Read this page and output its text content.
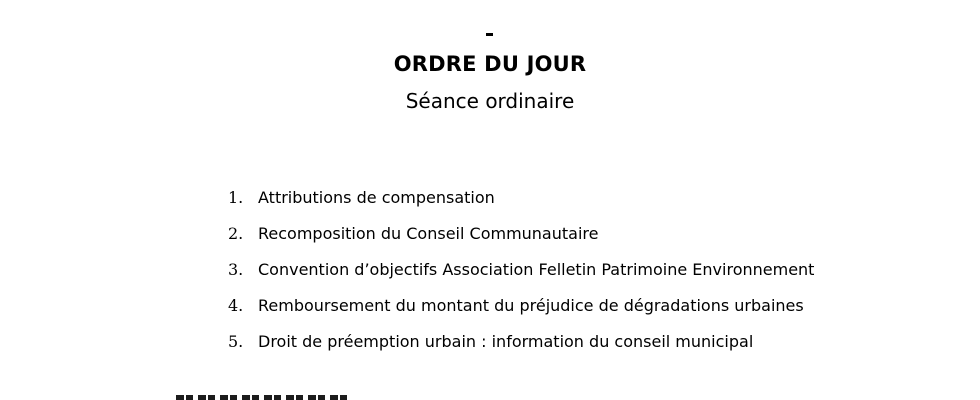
ORDRE DU JOUR
Séance ordinaire
1. Attributions de compensation
2. Recomposition du Conseil Communautaire
3. Convention d’objectifs Association Felletin Patrimoine Environnement
4. Remboursement du montant du préjudice de dégradations urbaines
5. Droit de préemption urbain : information du conseil municipal
